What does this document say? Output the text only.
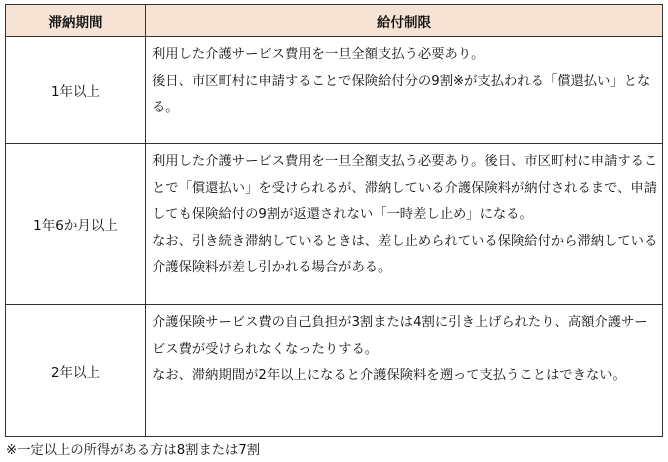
滞納期間	給付制限
1年以上	利用した介護サービス費用を一旦全額支払う必要あり。

後日、市区町村に申請することで保険給付分の9割※が支払われる「償還払い」となる。

1年6か月以上	利用した介護サービス費用を一旦全額支払う必要あり。後日、市区町村に申請することで「償還払い」を受けられるが、滞納している介護保険料が納付されるまで、申請しても保険給付の9割が返還されない「一時差し止め」になる。

なお、引き続き滞納しているときは、差し止められている保険給付から滞納している介護保険料が差し引かれる場合がある。

2年以上	介護保険サービス費の自己負担が3割または4割に引き上げられたり、高額介護サービス費が受けられなくなったりする。

なお、滞納期間が2年以上になると介護保険料を遡って支払うことはできない。

※一定以上の所得がある方は8割または7割
